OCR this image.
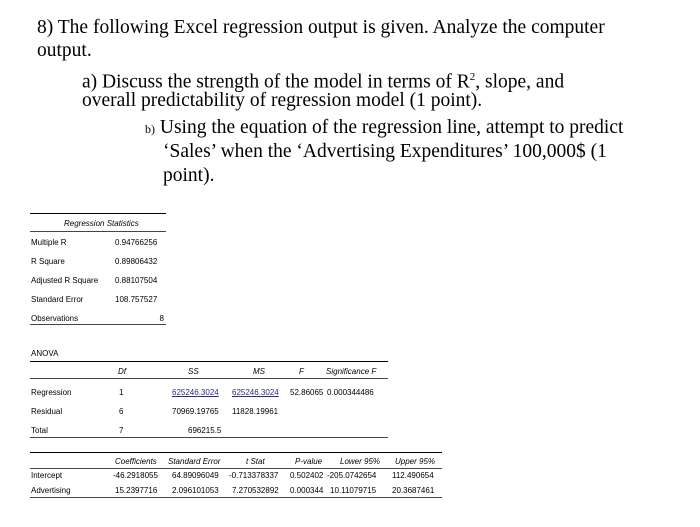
8) The following Excel regression output is given. Analyze the computer
output.
a) Discuss the strength of the model in terms of $R^2$, slope, and
overall predictability of regression model (1 point).
b) Using the equation of the regression line, attempt to predict
‘Sales’ when the ‘Advertising Expenditures’ 100,000$ (1
point).
Regression Statistics
Multiple R	0.94766256
R Square	0.89806432
Adjusted R Square 0.88107504
Standard Error	108.757527
Observations	8
ANOVA
Df	SS	MS	F	Significance F
Regression	1	625246.3024 625246.3024 52.86065 0.000344486
Residual	6	70969.19765 11828.19961
Total	7	696215.5
Coefficients Standard Error	t Stat	P-value Lower 95% Upper 95%
Intercept	-46.2918055 64.89096049 -0.713378337 0.502402 -205.0742654 112.490654
Advertising	15.2397716 2.096101053 7.270532892 0.000344 10.11079715 20.3687461
